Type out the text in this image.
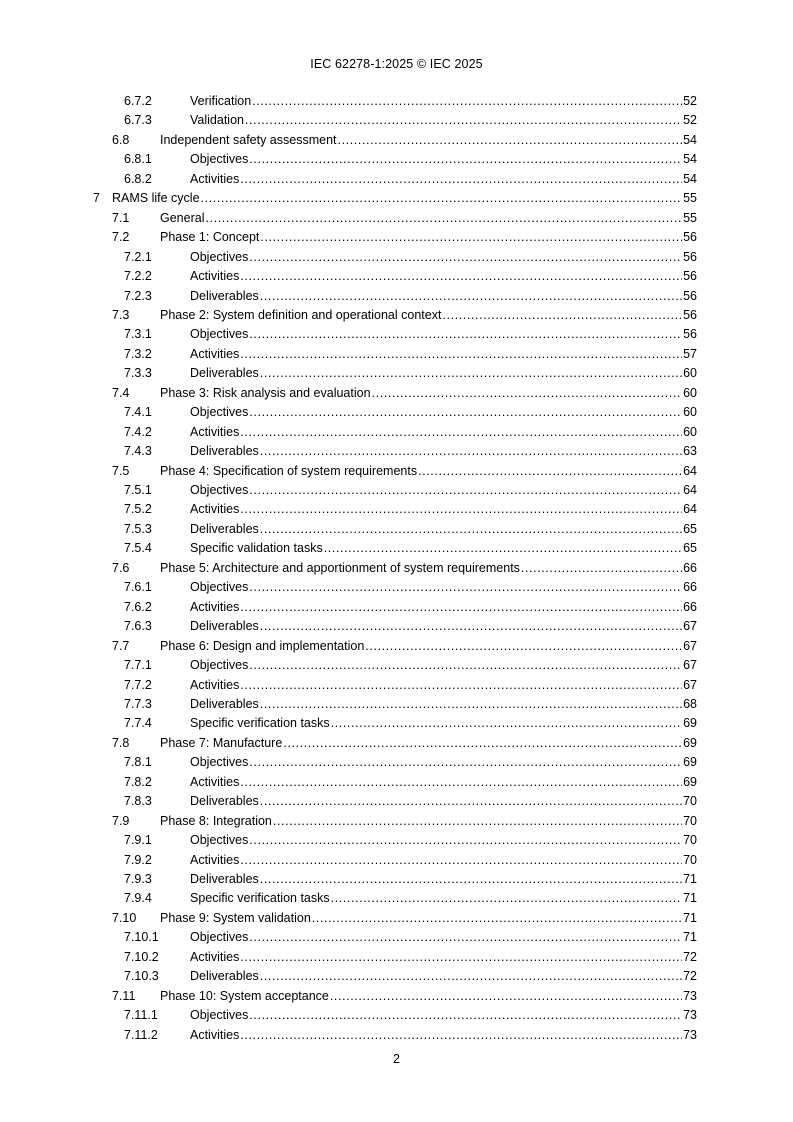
IEC 62278-1:2025 © IEC 2025
6.7.2	Verification .....	52
6.7.3	Validation .....	52
6.8 Independent safety assessment .....	54
6.8.1	Objectives .....	54
6.8.2	Activities .....	54
7 RAMS life cycle .....	55
7.1 General .....	55
7.2 Phase 1: Concept .....	56
7.2.1	Objectives .....	56
7.2.2	Activities .....	56
7.2.3	Deliverables .....	56
7.3 Phase 2: System definition and operational context .....	56
7.3.1	Objectives .....	56
7.3.2	Activities .....	57
7.3.3	Deliverables .....	60
7.4 Phase 3: Risk analysis and evaluation .....	60
7.4.1	Objectives .....	60
7.4.2	Activities .....	60
7.4.3	Deliverables .....	63
7.5 Phase 4: Specification of system requirements .....	64
7.5.1	Objectives .....	64
7.5.2	Activities .....	64
7.5.3	Deliverables .....	65
7.5.4	Specific validation tasks .....	65
7.6 Phase 5: Architecture and apportionment of system requirements .....	66
7.6.1	Objectives .....	66
7.6.2	Activities .....	66
7.6.3	Deliverables .....	67
7.7 Phase 6: Design and implementation .....	67
7.7.1	Objectives .....	67
7.7.2	Activities .....	67
7.7.3	Deliverables .....	68
7.7.4	Specific verification tasks .....	69
7.8 Phase 7: Manufacture .....	69
7.8.1	Objectives .....	69
7.8.2	Activities .....	69
7.8.3	Deliverables .....	70
7.9 Phase 8: Integration .....	70
7.9.1	Objectives .....	70
7.9.2	Activities .....	70
7.9.3	Deliverables .....	71
7.9.4	Specific verification tasks .....	71
7.10 Phase 9: System validation .....	71
7.10.1 Objectives .....	71
7.10.2 Activities .....	72
7.10.3 Deliverables .....	72
7.11 Phase 10: System acceptance .....	73
7.11.1	Objectives .....	73
7.11.2	Activities .....	73
2
